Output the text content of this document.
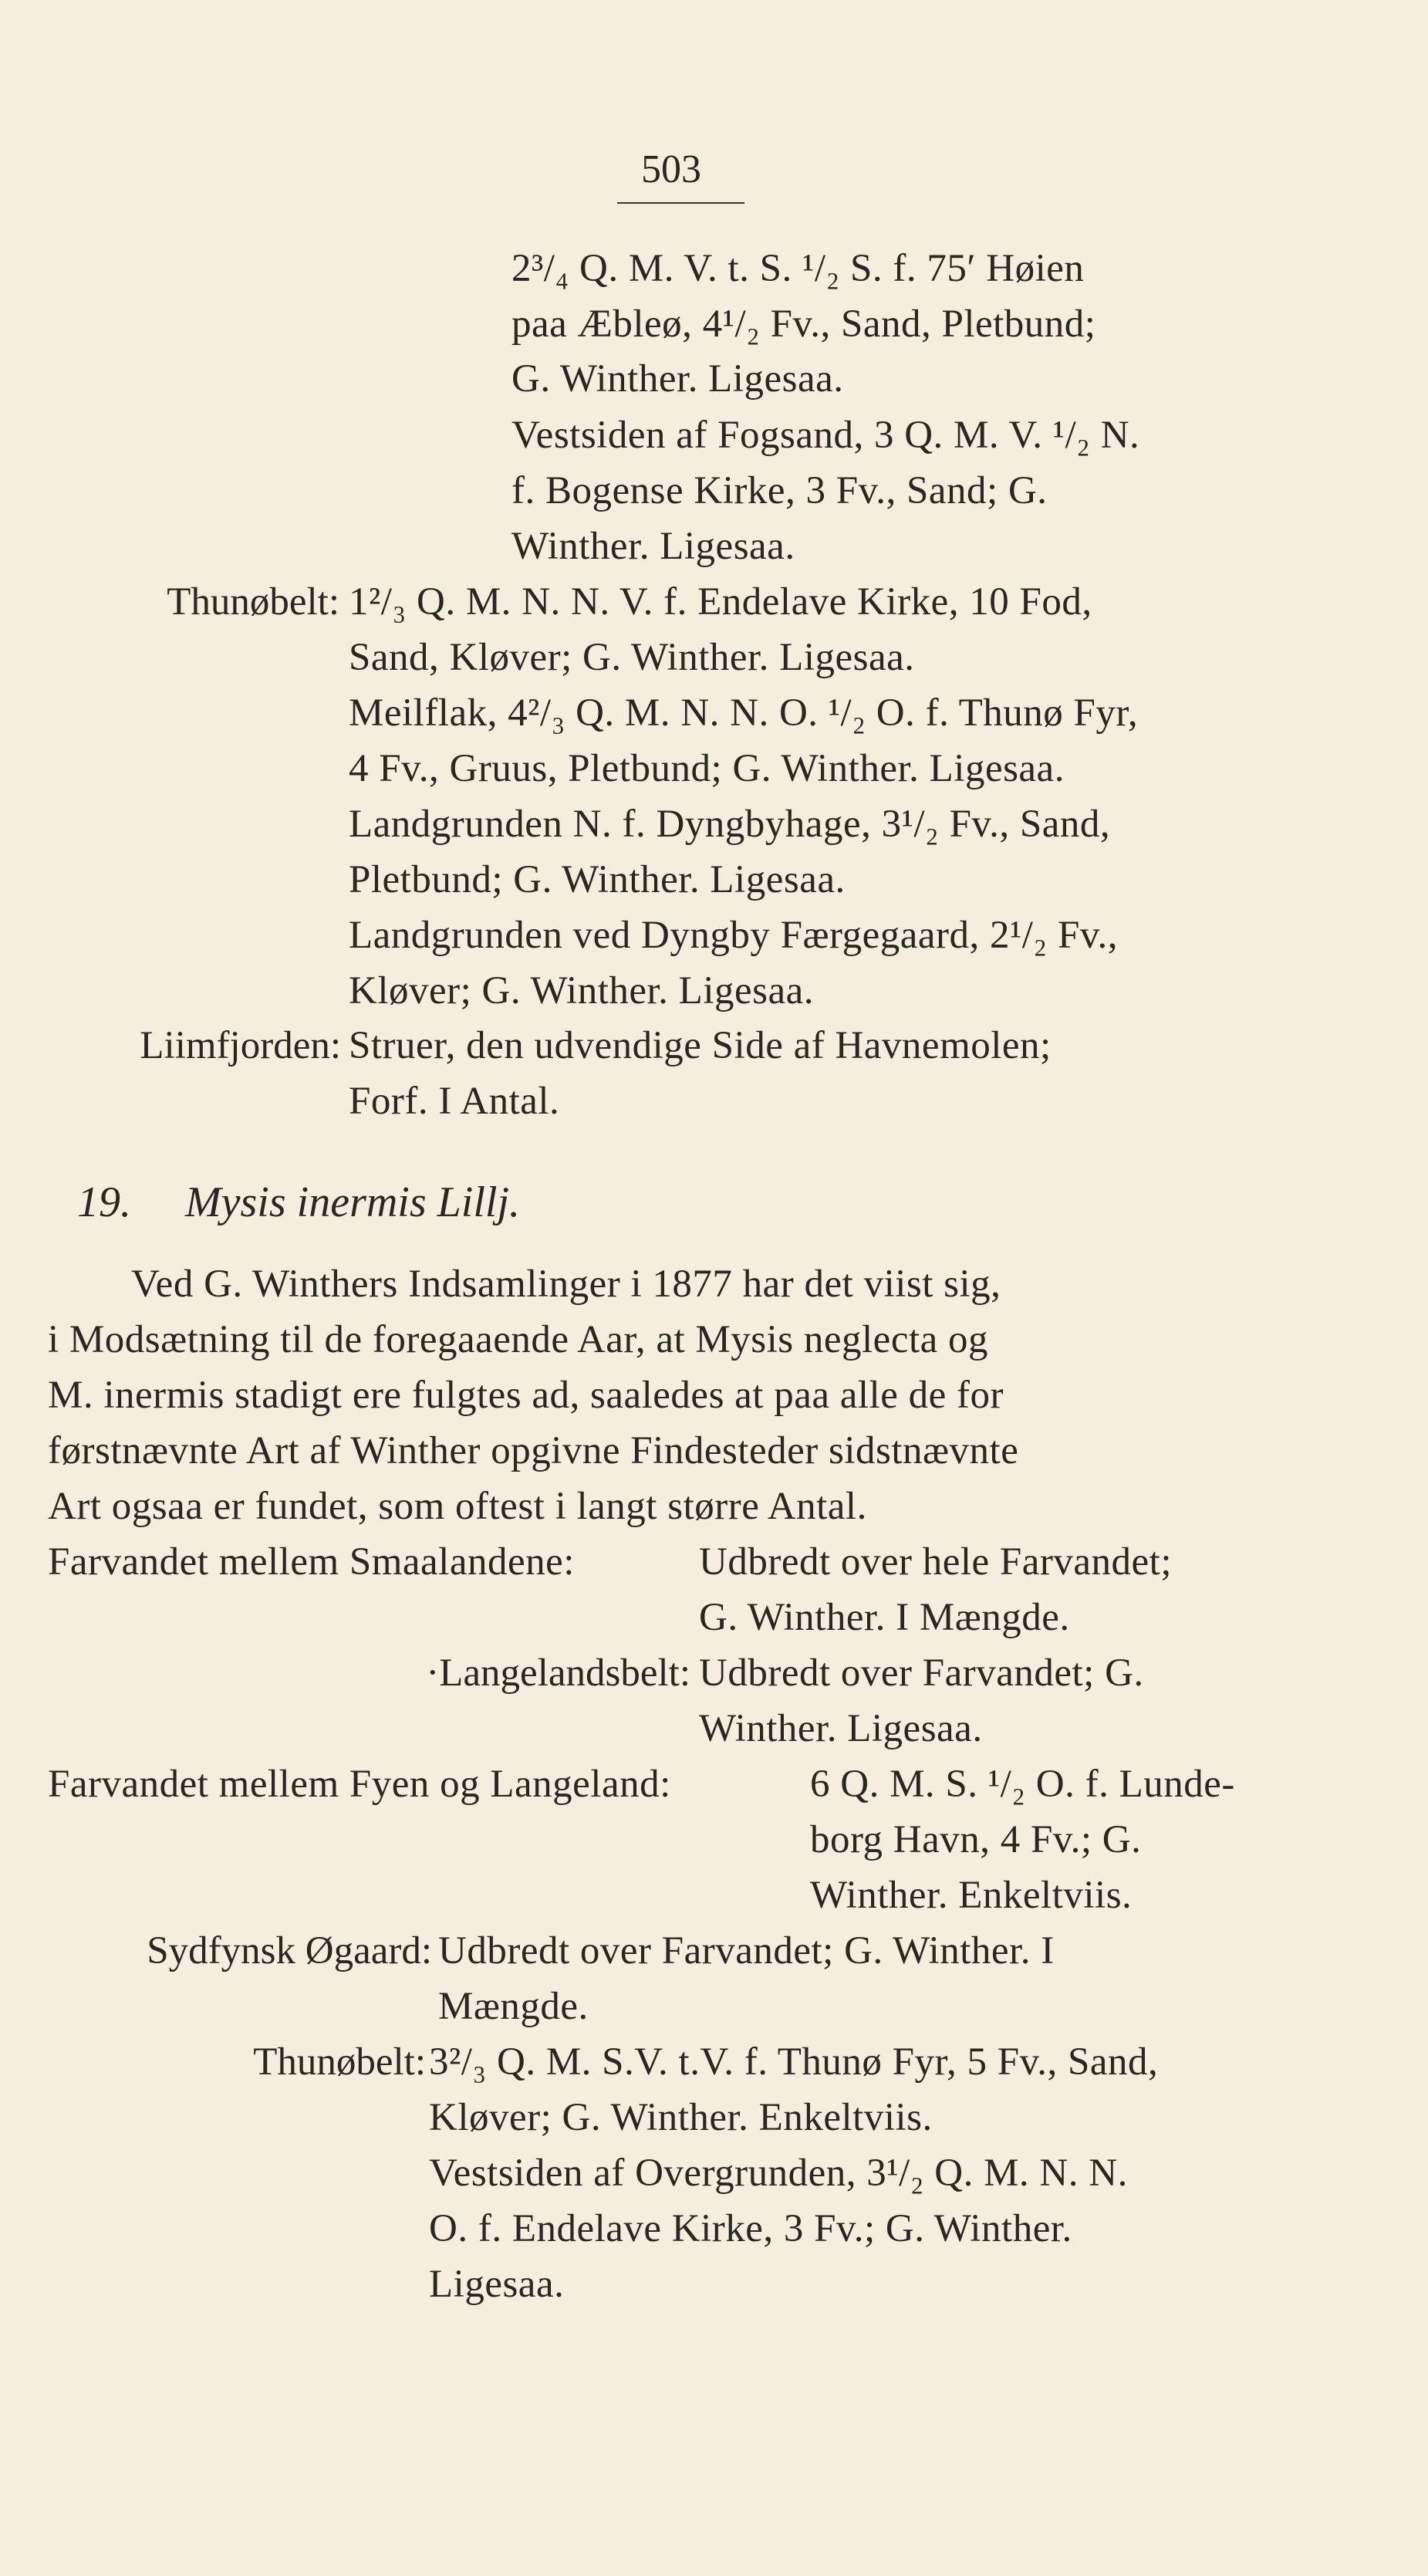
503
2³/₄ Q. M. V. t. S. ¹/₂ S. f. 75′ Høien
paa Æbleø, 4¹/₂ Fv., Sand, Pletbund;
G. Winther. Ligesaa.
Vestsiden af Fogsand, 3 Q. M. V. ¹/₂ N.
f. Bogense Kirke, 3 Fv., Sand; G.
Winther. Ligesaa.
Thunøbelt: 1²/₃ Q. M. N. N. V. f. Endelave Kirke, 10 Fod,
Sand, Kløver; G. Winther. Ligesaa.
Meilflak, 4²/₃ Q. M. N. N. O. ¹/₂ O. f. Thunø Fyr,
4 Fv., Gruus, Pletbund; G. Winther. Ligesaa.
Landgrunden N. f. Dyngbyhage, 3¹/₂ Fv., Sand,
Pletbund; G. Winther. Ligesaa.
Landgrunden ved Dyngby Færgegaard, 2¹/₂ Fv.,
Kløver; G. Winther. Ligesaa.
Liimfjorden: Struer, den udvendige Side af Havnemolen;
Forf. I Antal.
19. Mysis inermis Lillj.
Ved G. Winthers Indsamlinger i 1877 har det viist sig,
i Modsætning til de foregaaende Aar, at Mysis neglecta og
M. inermis stadigt ere fulgtes ad, saaledes at paa alle de for
førstnævnte Art af Winther opgivne Findesteder sidstnævnte
Art ogsaa er fundet, som oftest i langt større Antal.
Farvandet mellem Smaalandene:	Udbredt over hele Farvandet;
G. Winther. I Mængde.
·Langelandsbelt: Udbredt over Farvandet; G.
Winther. Ligesaa.
Farvandet mellem Fyen og Langeland:	6 Q. M. S. ¹/₂ O. f. Lunde-
borg Havn, 4 Fv.; G.
Winther. Enkeltviis.
Sydfynsk Øgaard: Udbredt over Farvandet; G. Winther. I
Mængde.
Thunøbelt: 3²/₃ Q. M. S.V. t.V. f. Thunø Fyr, 5 Fv., Sand,
Kløver; G. Winther. Enkeltviis.
Vestsiden af Overgrunden, 3¹/₂ Q. M. N. N.
O. f. Endelave Kirke, 3 Fv.; G. Winther.
Ligesaa.
